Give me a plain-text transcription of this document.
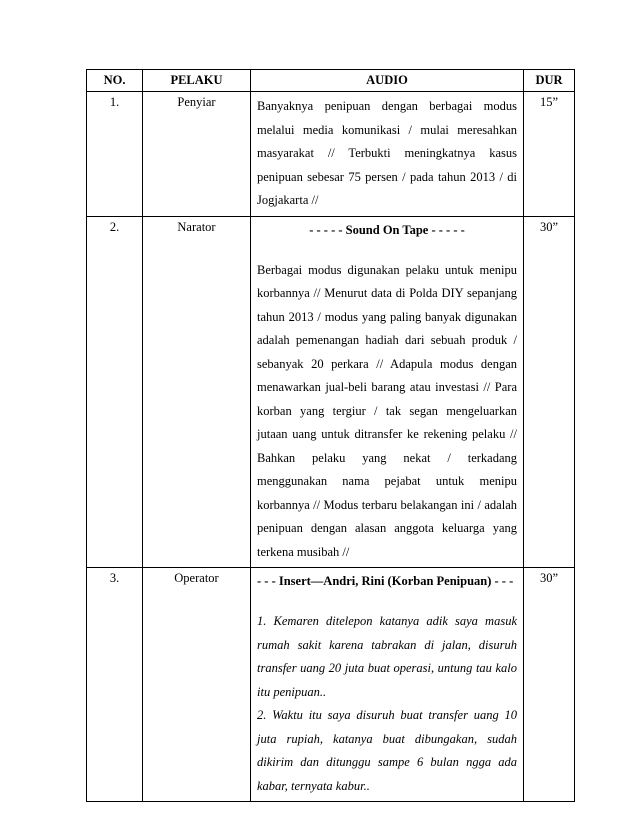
NO.	PELAKU	AUDIO	DUR
1.	Penyiar	Banyaknya penipuan dengan berbagai modus melalui media komunikasi / mulai meresahkan masyarakat // Terbukti meningkatnya kasus penipuan sebesar 75 persen / pada tahun 2013 / di Jogjakarta //	15”
2.	Narator	- - - - - Sound On Tape - - - - -

Berbagai modus digunakan pelaku untuk menipu korbannya // Menurut data di Polda DIY sepanjang tahun 2013 / modus yang paling banyak digunakan adalah pemenangan hadiah dari sebuah produk / sebanyak 20 perkara // Adapula modus dengan menawarkan jual-beli barang atau investasi // Para korban yang tergiur / tak segan mengeluarkan jutaan uang untuk ditransfer ke rekening pelaku // Bahkan pelaku yang nekat / terkadang menggunakan nama pejabat untuk menipu korbannya // Modus terbaru belakangan ini / adalah penipuan dengan alasan anggota keluarga yang terkena musibah //	30”
3.	Operator	- - - Insert—Andri, Rini (Korban Penipuan) - - -

1. Kemaren ditelepon katanya adik saya masuk rumah sakit karena tabrakan di jalan, disuruh transfer uang 20 juta buat operasi, untung tau kalo itu penipuan..

2. Waktu itu saya disuruh buat transfer uang 10 juta rupiah, katanya buat dibungakan, sudah dikirim dan ditunggu sampe 6 bulan ngga ada kabar, ternyata kabur..	30”
